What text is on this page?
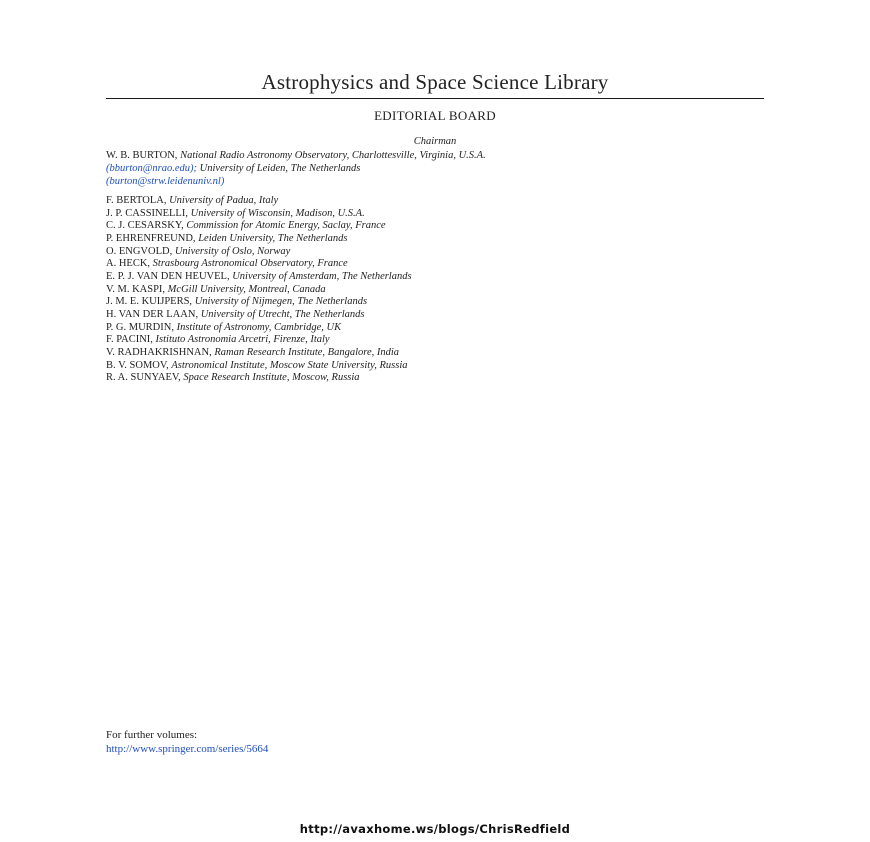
Astrophysics and Space Science Library
EDITORIAL BOARD
Chairman
W. B. BURTON, National Radio Astronomy Observatory, Charlottesville, Virginia, U.S.A.
(bburton@nrao.edu); University of Leiden, The Netherlands
(burton@strw.leidenuniv.nl)
F. BERTOLA, University of Padua, Italy
J. P. CASSINELLI, University of Wisconsin, Madison, U.S.A.
C. J. CESARSKY, Commission for Atomic Energy, Saclay, France
P. EHRENFREUND, Leiden University, The Netherlands
O. ENGVOLD, University of Oslo, Norway
A. HECK, Strasbourg Astronomical Observatory, France
E. P. J. VAN DEN HEUVEL, University of Amsterdam, The Netherlands
V. M. KASPI, McGill University, Montreal, Canada
J. M. E. KUIJPERS, University of Nijmegen, The Netherlands
H. VAN DER LAAN, University of Utrecht, The Netherlands
P. G. MURDIN, Institute of Astronomy, Cambridge, UK
F. PACINI, Istituto Astronomia Arcetri, Firenze, Italy
V. RADHAKRISHNAN, Raman Research Institute, Bangalore, India
B. V. SOMOV, Astronomical Institute, Moscow State University, Russia
R. A. SUNYAEV, Space Research Institute, Moscow, Russia
For further volumes:
http://www.springer.com/series/5664
http://avaxhome.ws/blogs/ChrisRedfield
